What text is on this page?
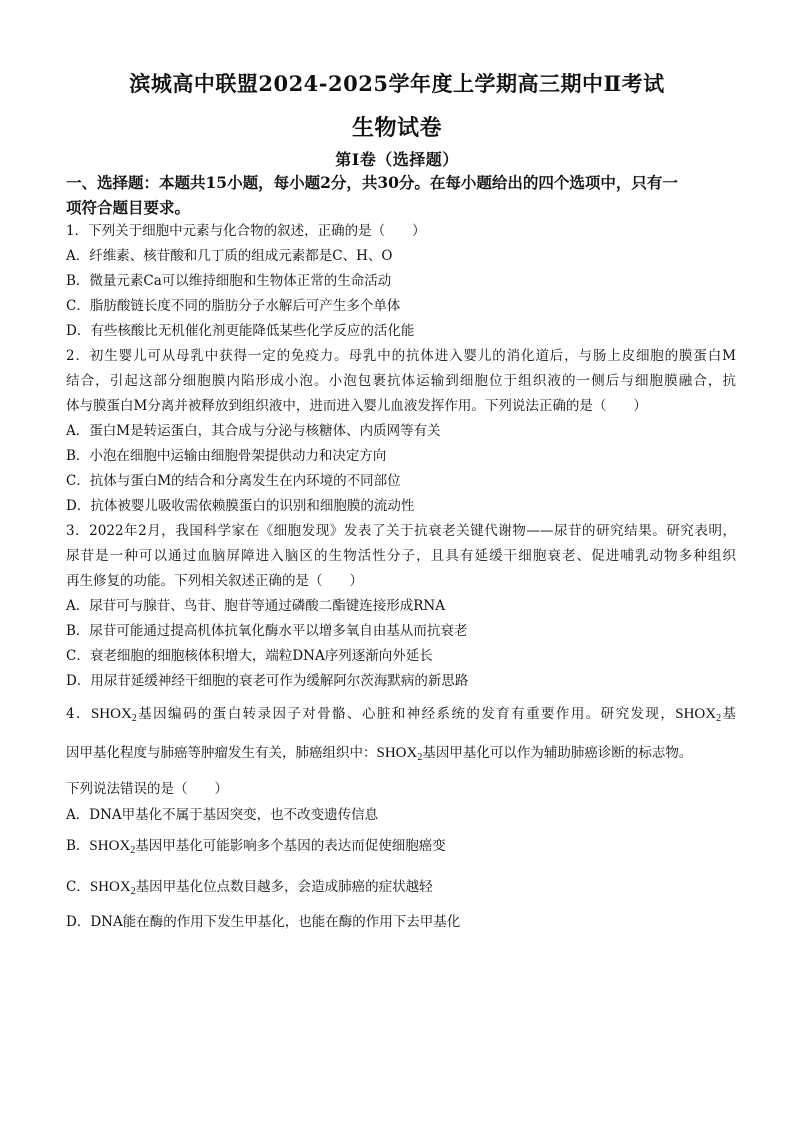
滨城高中联盟2024-2025学年度上学期高三期中Ⅱ考试
生物试卷
第Ⅰ卷（选择题）
一、选择题：本题共15小题，每小题2分，共30分。在每小题给出的四个选项中，只有一
项符合题目要求。
1．下列关于细胞中元素与化合物的叙述，正确的是（　　）
A．纤维素、核苷酸和几丁质的组成元素都是C、H、O
B．微量元素Ca可以维持细胞和生物体正常的生命活动
C．脂肪酸链长度不同的脂肪分子水解后可产生多个单体
D．有些核酸比无机催化剂更能降低某些化学反应的活化能
2．初生婴儿可从母乳中获得一定的免疫力。母乳中的抗体进入婴儿的消化道后，与肠上皮细胞的膜蛋白M
结合，引起这部分细胞膜内陷形成小泡。小泡包裹抗体运输到细胞位于组织液的一侧后与细胞膜融合，抗
体与膜蛋白M分离并被释放到组织液中，进而进入婴儿血液发挥作用。下列说法正确的是（　　）
A．蛋白M是转运蛋白，其合成与分泌与核糖体、内质网等有关
B．小泡在细胞中运输由细胞骨架提供动力和决定方向
C．抗体与蛋白M的结合和分离发生在内环境的不同部位
D．抗体被婴儿吸收需依赖膜蛋白的识别和细胞膜的流动性
3．2022年2月，我国科学家在《细胞发现》发表了关于抗衰老关键代谢物——尿苷的研究结果。研究表明，
尿苷是一种可以通过血脑屏障进入脑区的生物活性分子，且具有延缓干细胞衰老、促进哺乳动物多种组织
再生修复的功能。下列相关叙述正确的是（　　）
A．尿苷可与腺苷、鸟苷、胞苷等通过磷酸二酯键连接形成RNA
B．尿苷可能通过提高机体抗氧化酶水平以增多氧自由基从而抗衰老
C．衰老细胞的细胞核体积增大，端粒DNA序列逐渐向外延长
D．用尿苷延缓神经干细胞的衰老可作为缓解阿尔茨海默病的新思路
4．$SHOX_2$基因编码的蛋白转录因子对骨骼、心脏和神经系统的发育有重要作用。研究发现，$SHOX_2$基
因甲基化程度与肺癌等肿瘤发生有关，肺癌组织中：$SHOX_2$基因甲基化可以作为辅助肺癌诊断的标志物。
下列说法错误的是（　　）
A．DNA甲基化不属于基因突变，也不改变遗传信息
B．$SHOX_2$基因甲基化可能影响多个基因的表达而促使细胞癌变
C．$SHOX_2$基因甲基化位点数目越多，会造成肺癌的症状越轻
D．DNA能在酶的作用下发生甲基化，也能在酶的作用下去甲基化
